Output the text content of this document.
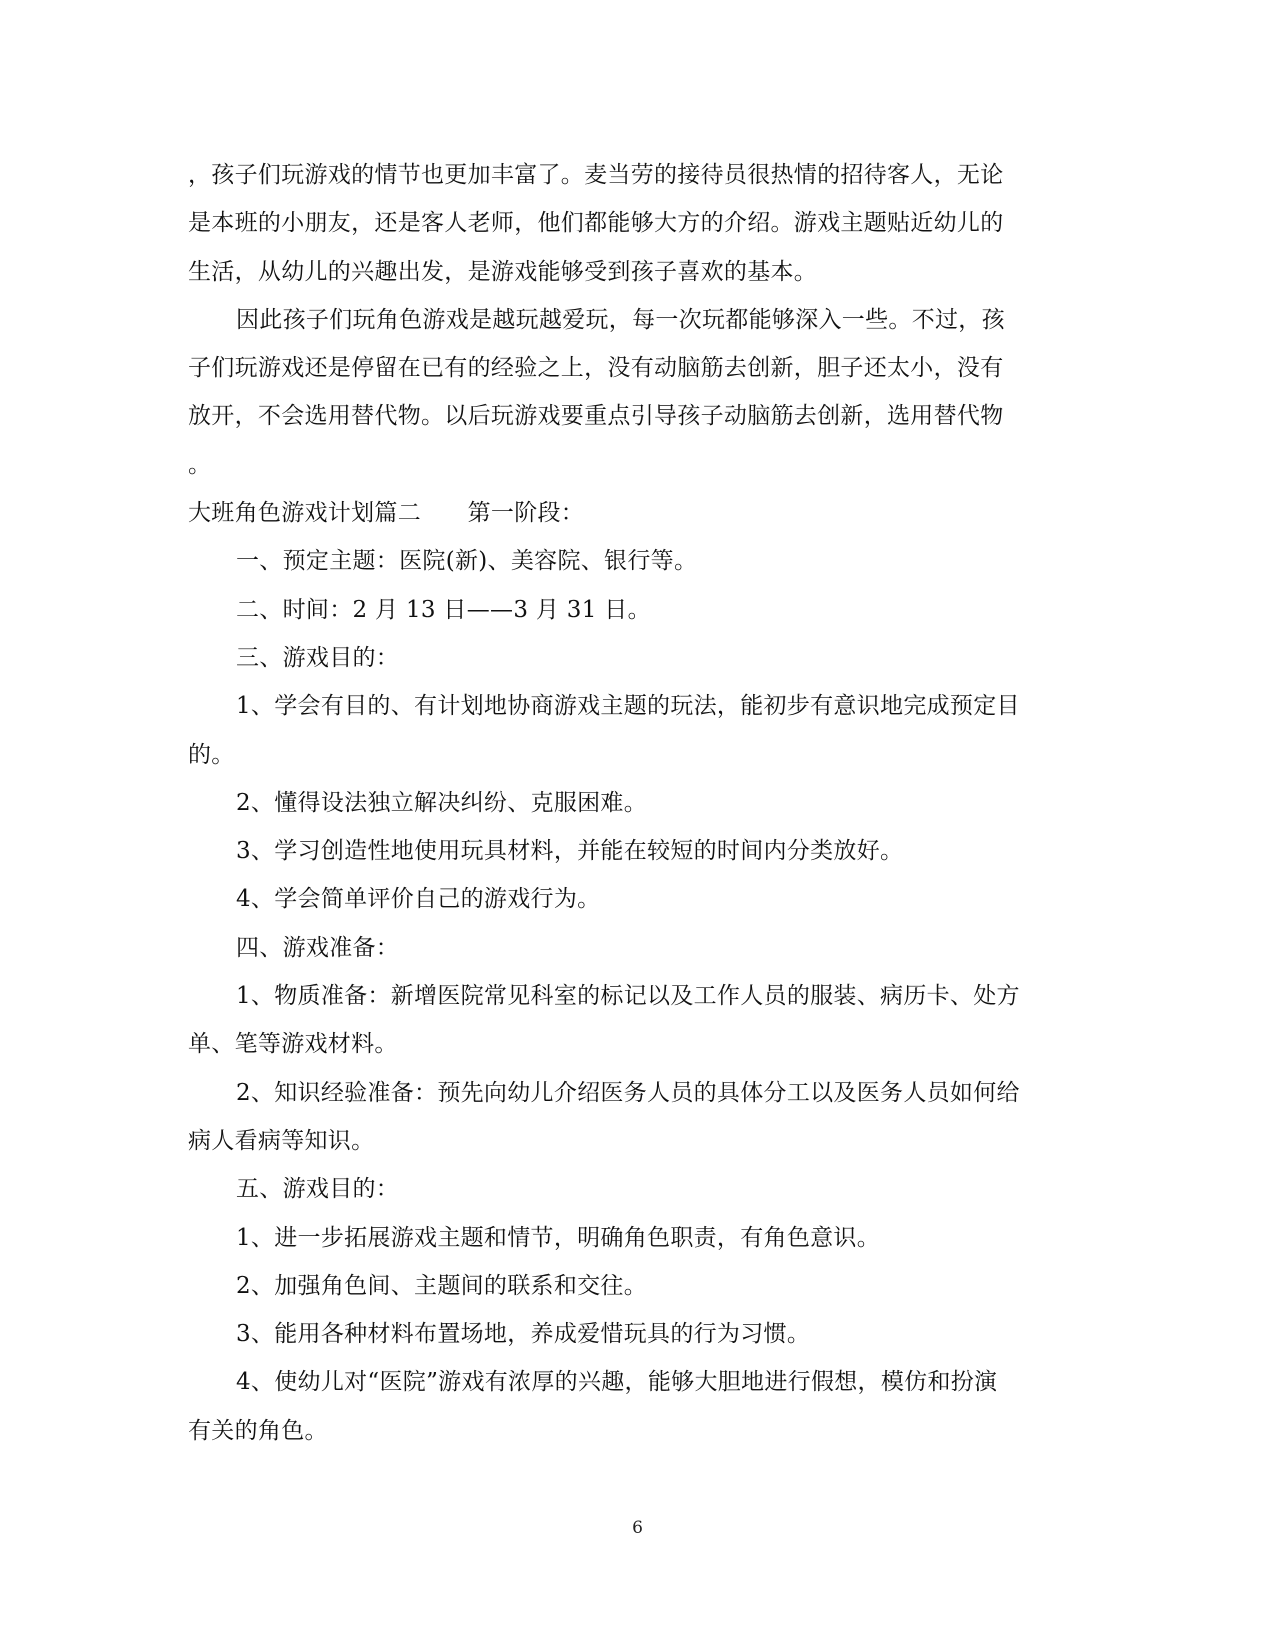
，孩子们玩游戏的情节也更加丰富了。麦当劳的接待员很热情的招待客人，无论
是本班的小朋友，还是客人老师，他们都能够大方的介绍。游戏主题贴近幼儿的
生活，从幼儿的兴趣出发，是游戏能够受到孩子喜欢的基本。
因此孩子们玩角色游戏是越玩越爱玩，每一次玩都能够深入一些。不过，孩
子们玩游戏还是停留在已有的经验之上，没有动脑筋去创新，胆子还太小，没有
放开，不会选用替代物。以后玩游戏要重点引导孩子动脑筋去创新，选用替代物
。
大班角色游戏计划篇二　　第一阶段：
一、预定主题：医院(新)、美容院、银行等。
二、时间：2 月 13 日——3 月 31 日。
三、游戏目的：
1、学会有目的、有计划地协商游戏主题的玩法，能初步有意识地完成预定目
的。
2、懂得设法独立解决纠纷、克服困难。
3、学习创造性地使用玩具材料，并能在较短的时间内分类放好。
4、学会简单评价自己的游戏行为。
四、游戏准备：
1、物质准备：新增医院常见科室的标记以及工作人员的服装、病历卡、处方
单、笔等游戏材料。
2、知识经验准备：预先向幼儿介绍医务人员的具体分工以及医务人员如何给
病人看病等知识。
五、游戏目的：
1、进一步拓展游戏主题和情节，明确角色职责，有角色意识。
2、加强角色间、主题间的联系和交往。
3、能用各种材料布置场地，养成爱惜玩具的行为习惯。
4、使幼儿对“医院”游戏有浓厚的兴趣，能够大胆地进行假想，模仿和扮演
有关的角色。
6
